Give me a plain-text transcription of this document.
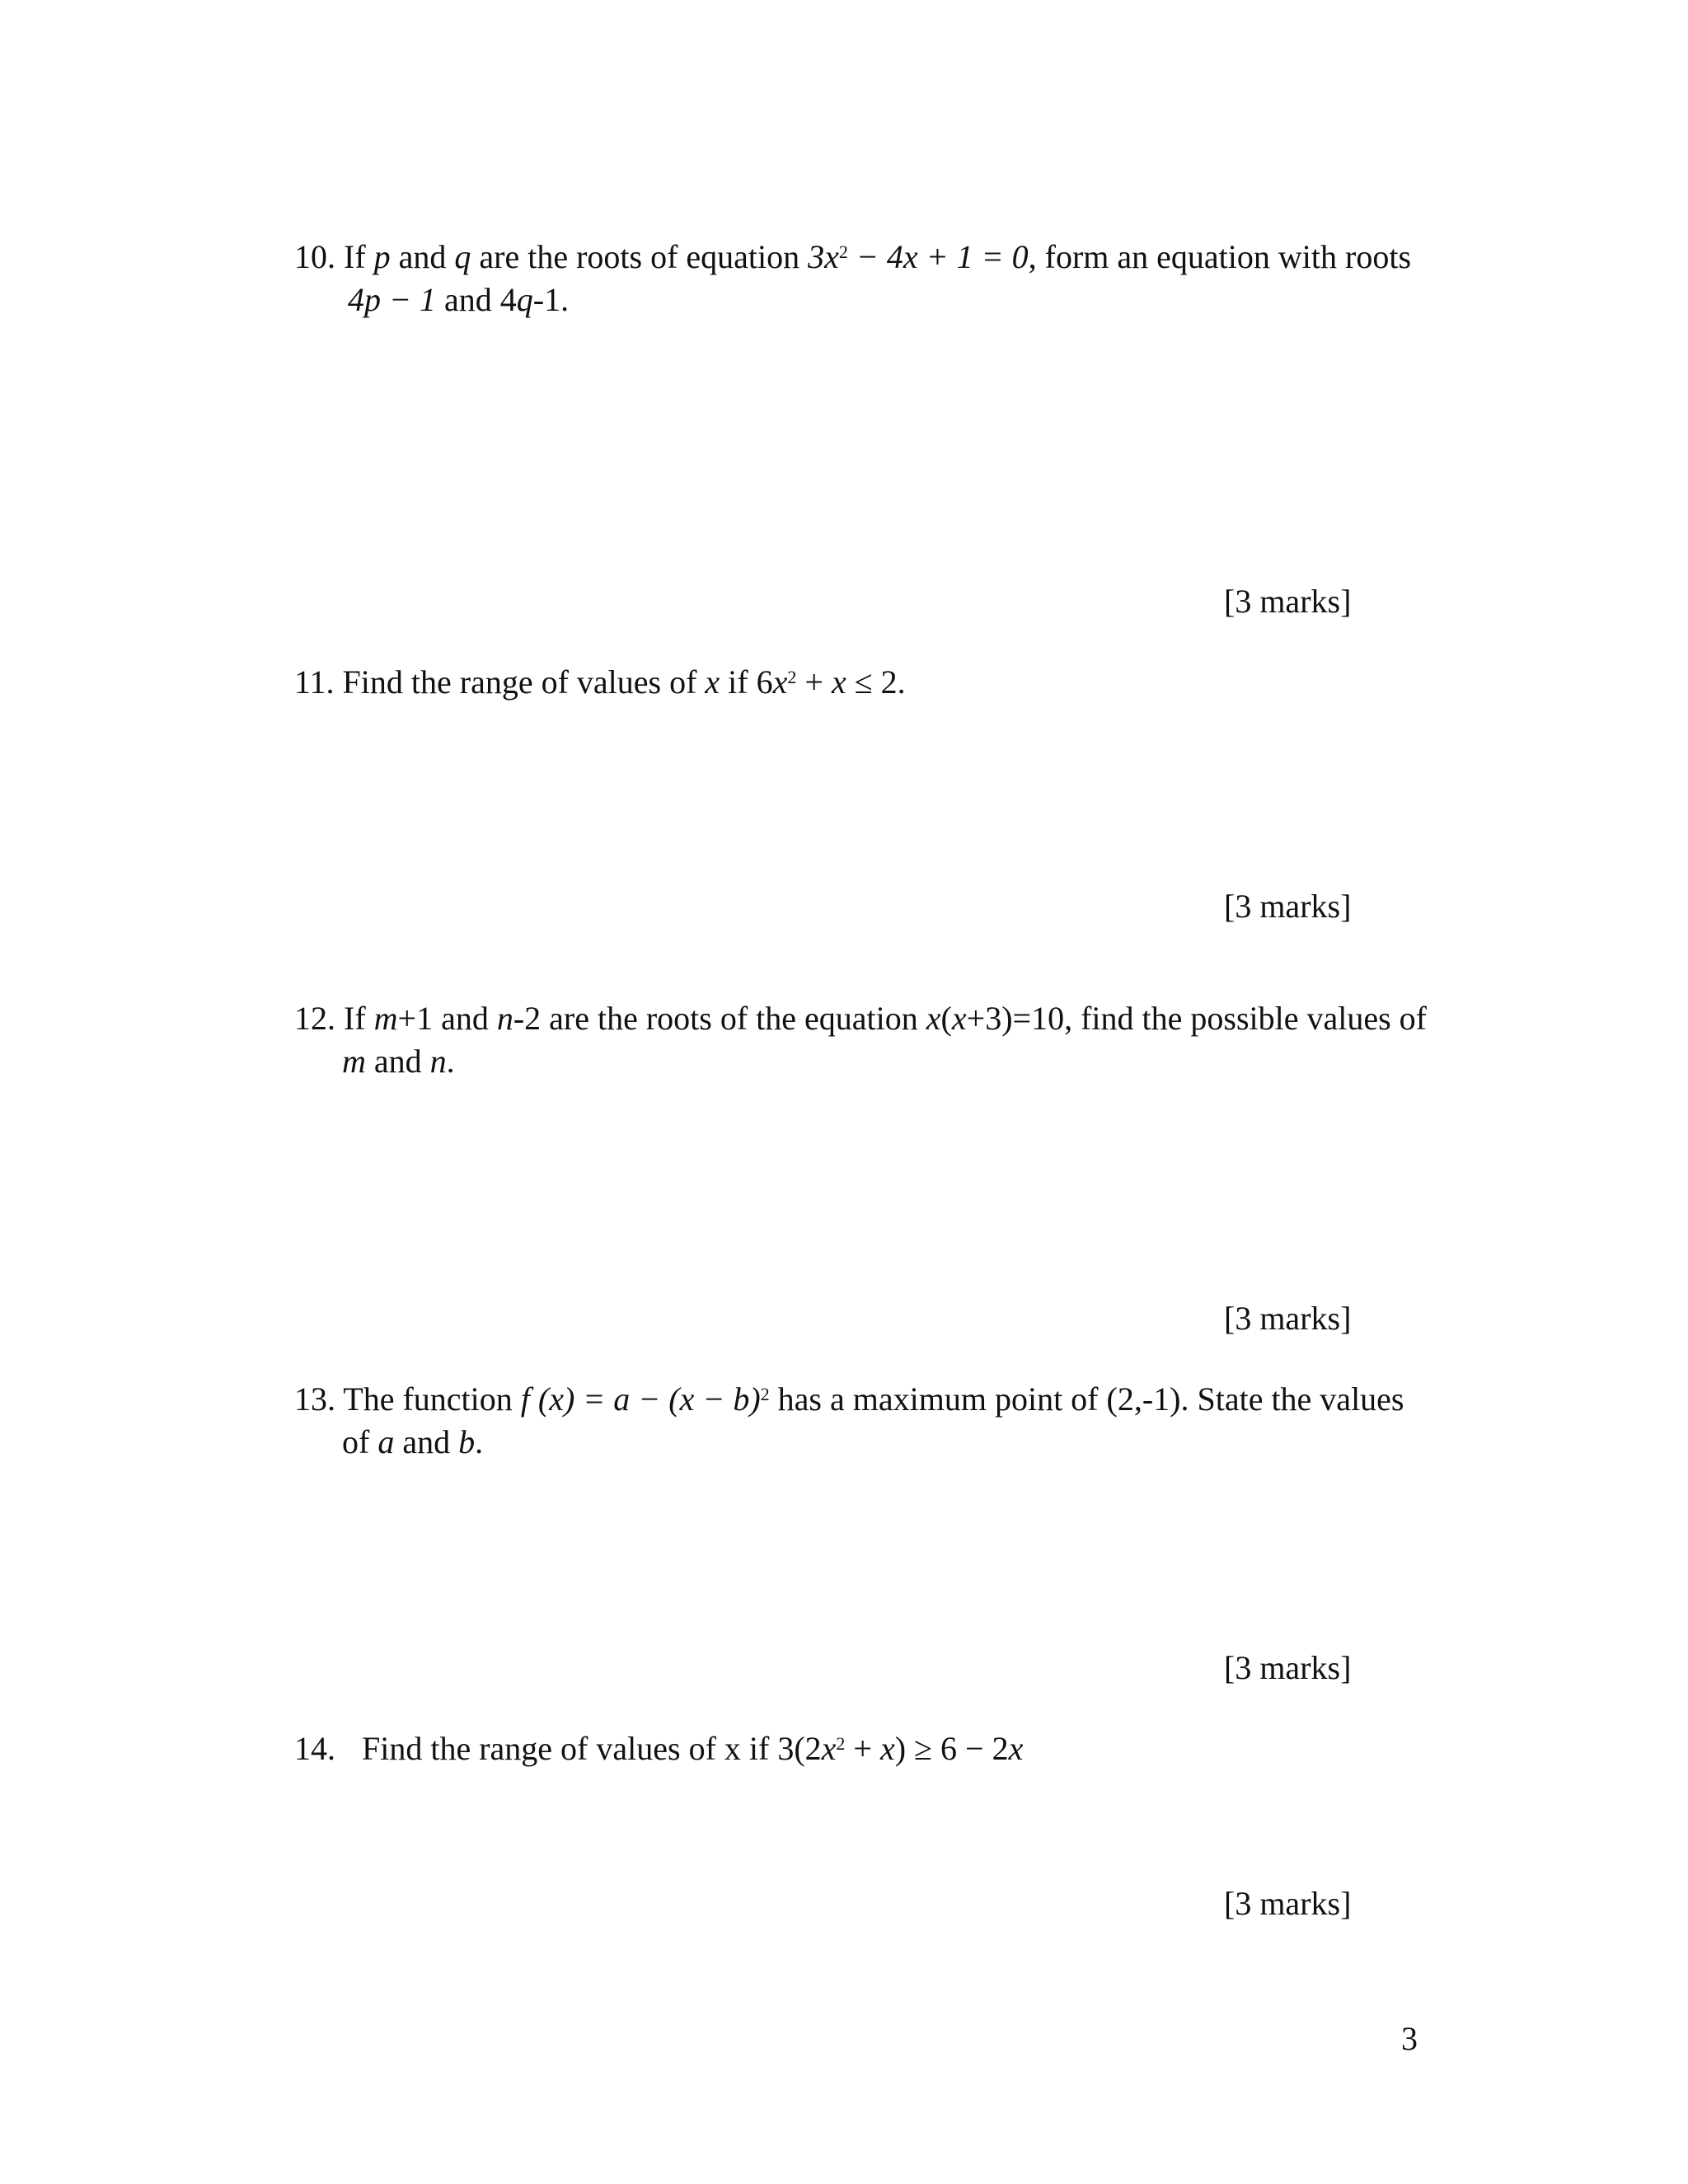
10. If p and q are the roots of equation $3x^2 - 4x + 1 = 0$, form an equation with roots
4p − 1 and 4q-1.
[3 marks]
11. Find the range of values of x if $6x^2 + x \le 2$.
[3 marks]
12. If m+1 and n-2 are the roots of the equation x(x+3)=10, find the possible values of
m and n.
[3 marks]
13. The function f $(x) = a - (x - b)^2$ has a maximum point of (2,-1). State the values
of a and b.
[3 marks]
14. Find the range of values of x if $3(2x^2 + x) \ge 6 - 2x$
[3 marks]
3
